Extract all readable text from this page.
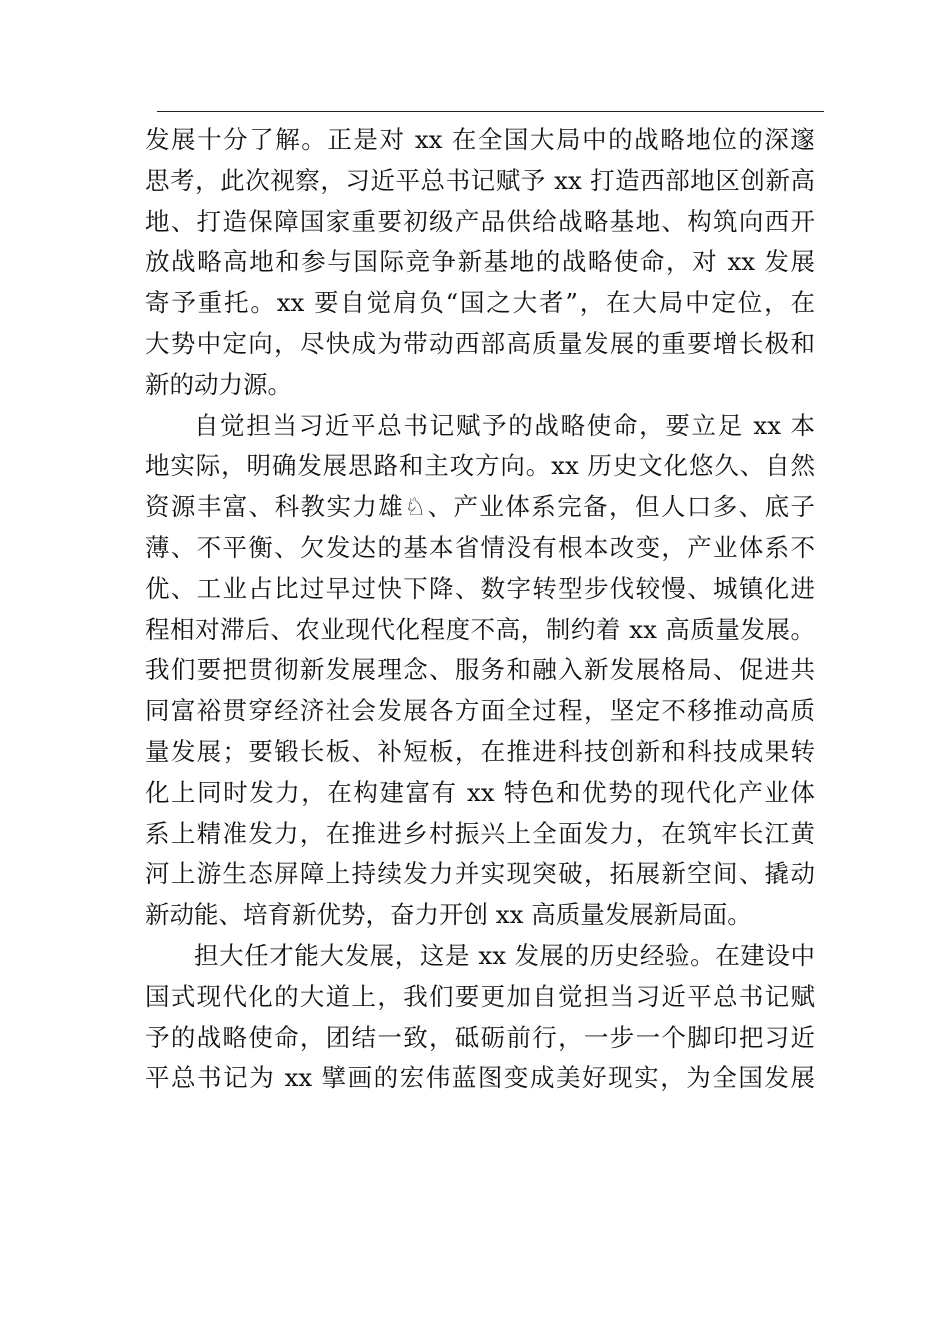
发展十分了解。正是对 xx 在全国大局中的战略地位的深邃
思考，此次视察，习近平总书记赋予 xx 打造西部地区创新高
地、打造保障国家重要初级产品供给战略基地、构筑向西开
放战略高地和参与国际竞争新基地的战略使命，对 xx 发展
寄予重托。xx 要自觉肩负“国之大者”，在大局中定位，在
大势中定向，尽快成为带动西部高质量发展的重要增长极和
新的动力源。
自觉担当习近平总书记赋予的战略使命，要立足 xx 本
地实际，明确发展思路和主攻方向。xx 历史文化悠久、自然
资源丰富、科教实力雄♘、产业体系完备，但人口多、底子
薄、不平衡、欠发达的基本省情没有根本改变，产业体系不
优、工业占比过早过快下降、数字转型步伐较慢、城镇化进
程相对滞后、农业现代化程度不高，制约着 xx 高质量发展。
我们要把贯彻新发展理念、服务和融入新发展格局、促进共
同富裕贯穿经济社会发展各方面全过程，坚定不移推动高质
量发展；要锻长板、补短板，在推进科技创新和科技成果转
化上同时发力，在构建富有 xx 特色和优势的现代化产业体
系上精准发力，在推进乡村振兴上全面发力，在筑牢长江黄
河上游生态屏障上持续发力并实现突破，拓展新空间、撬动
新动能、培育新优势，奋力开创 xx 高质量发展新局面。
担大任才能大发展，这是 xx 发展的历史经验。在建设中
国式现代化的大道上，我们要更加自觉担当习近平总书记赋
予的战略使命，团结一致，砥砺前行，一步一个脚印把习近
平总书记为 xx 擘画的宏伟蓝图变成美好现实，为全国发展
